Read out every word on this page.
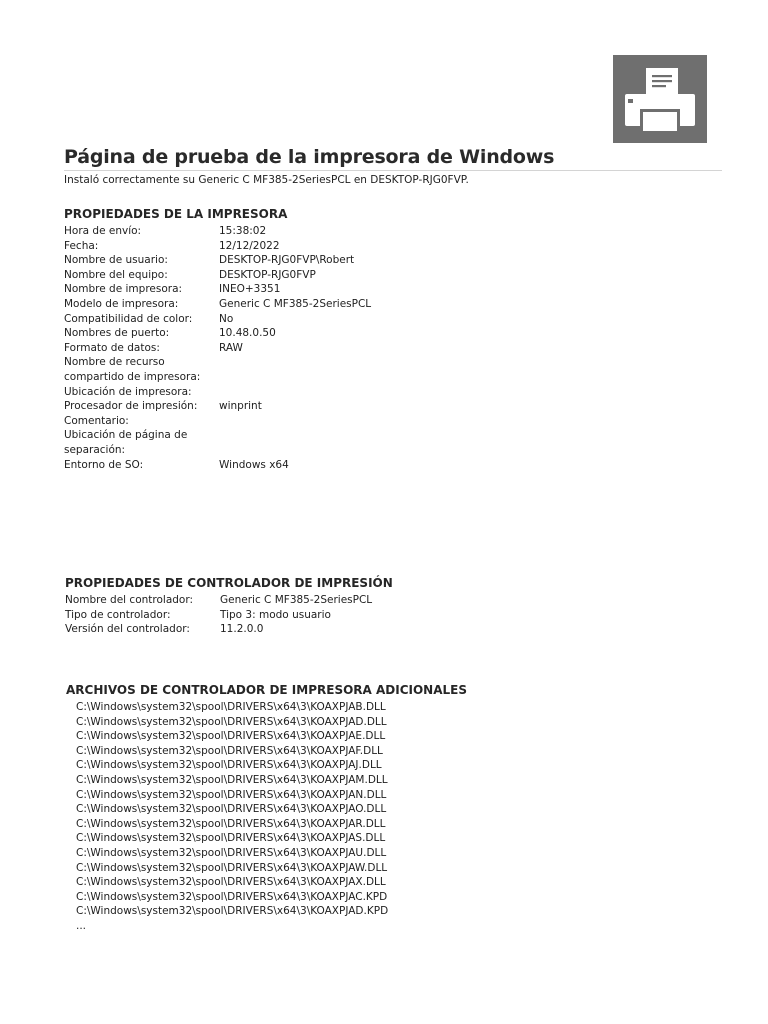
Página de prueba de la impresora de Windows
Instaló correctamente su Generic C MF385-2SeriesPCL en DESKTOP-RJG0FVP.
PROPIEDADES DE LA IMPRESORA
Hora de envío:	15:38:02
Fecha:	12/12/2022
Nombre de usuario:	DESKTOP-RJG0FVP\Robert
Nombre del equipo:	DESKTOP-RJG0FVP
Nombre de impresora:	INEO+3351
Modelo de impresora:	Generic C MF385-2SeriesPCL
Compatibilidad de color:	No
Nombres de puerto:	10.48.0.50
Formato de datos:	RAW
Nombre de recurso compartido de impresora:
Ubicación de impresora:
Procesador de impresión:	winprint
Comentario:
Ubicación de página de separación:
Entorno de SO:	Windows x64
PROPIEDADES DE CONTROLADOR DE IMPRESIÓN
Nombre del controlador:	Generic C MF385-2SeriesPCL
Tipo de controlador:	Tipo 3: modo usuario
Versión del controlador:	11.2.0.0
ARCHIVOS DE CONTROLADOR DE IMPRESORA ADICIONALES
C:\Windows\system32\spool\DRIVERS\x64\3\KOAXPJAB.DLL
C:\Windows\system32\spool\DRIVERS\x64\3\KOAXPJAD.DLL
C:\Windows\system32\spool\DRIVERS\x64\3\KOAXPJAE.DLL
C:\Windows\system32\spool\DRIVERS\x64\3\KOAXPJAF.DLL
C:\Windows\system32\spool\DRIVERS\x64\3\KOAXPJAJ.DLL
C:\Windows\system32\spool\DRIVERS\x64\3\KOAXPJAM.DLL
C:\Windows\system32\spool\DRIVERS\x64\3\KOAXPJAN.DLL
C:\Windows\system32\spool\DRIVERS\x64\3\KOAXPJAO.DLL
C:\Windows\system32\spool\DRIVERS\x64\3\KOAXPJAR.DLL
C:\Windows\system32\spool\DRIVERS\x64\3\KOAXPJAS.DLL
C:\Windows\system32\spool\DRIVERS\x64\3\KOAXPJAU.DLL
C:\Windows\system32\spool\DRIVERS\x64\3\KOAXPJAW.DLL
C:\Windows\system32\spool\DRIVERS\x64\3\KOAXPJAX.DLL
C:\Windows\system32\spool\DRIVERS\x64\3\KOAXPJAC.KPD
C:\Windows\system32\spool\DRIVERS\x64\3\KOAXPJAD.KPD
...
